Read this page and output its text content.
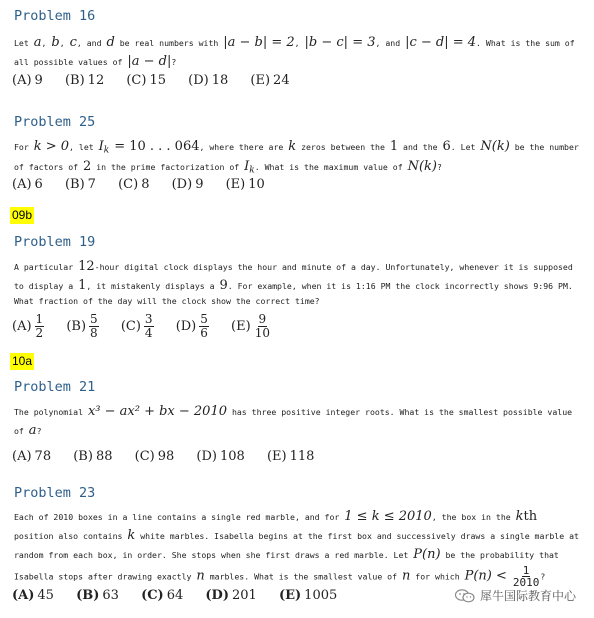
Problem 16
Let a, b, c, and d be real numbers with |a − b| = 2, |b − c| = 3, and |c − d| = 4. What is the sum of all possible values of |a − d|?
(A) 9 (B) 12 (C) 15 (D) 18 (E) 24
Problem 25
For k > 0, let $I_k = 10$ . . . 064, where there are k zeros between the 1 and the 6. Let N(k) be the number of factors of 2 in the prime factorization of $I_k$. What is the maximum value of N(k)?
(A) 6 (B) 7 (C) 8 (D) 9 (E) 10
09b
Problem 19
A particular 12-hour digital clock displays the hour and minute of a day. Unfortunately, whenever it is supposed to display a 1, it mistakenly displays a 9. For example, when it is 1:16 PM the clock incorrectly shows 9:96 PM. What fraction of the day will the clock show the correct time?
$(A) \frac{1}{2} (B) \frac{5}{8} (C) \frac{3}{4} (D) \frac{5}{6} (E) \frac{9}{10}$
10a
Problem 21
The polynomial x³ − ax² + bx − 2010 has three positive integer roots. What is the smallest possible value of a?
(A) 78 (B) 88 (C) 98 (D) 108 (E) 118
Problem 23
Each of 2010 boxes in a line contains a single red marble, and for 1 ≤ k ≤ 2010, the box in the kth position also contains k white marbles. Isabella begins at the first box and successively draws a single marble at random from each box, in order. She stops when she first draws a red marble. Let P(n) be the probability that Isabella stops after drawing exactly n marbles. What is the smallest value of n for which $P(n) < \frac{1}{2010}$ ?
(A) 45 (B) 63 (C) 64 (D) 201 (E) 1005	犀牛国际教育中心
